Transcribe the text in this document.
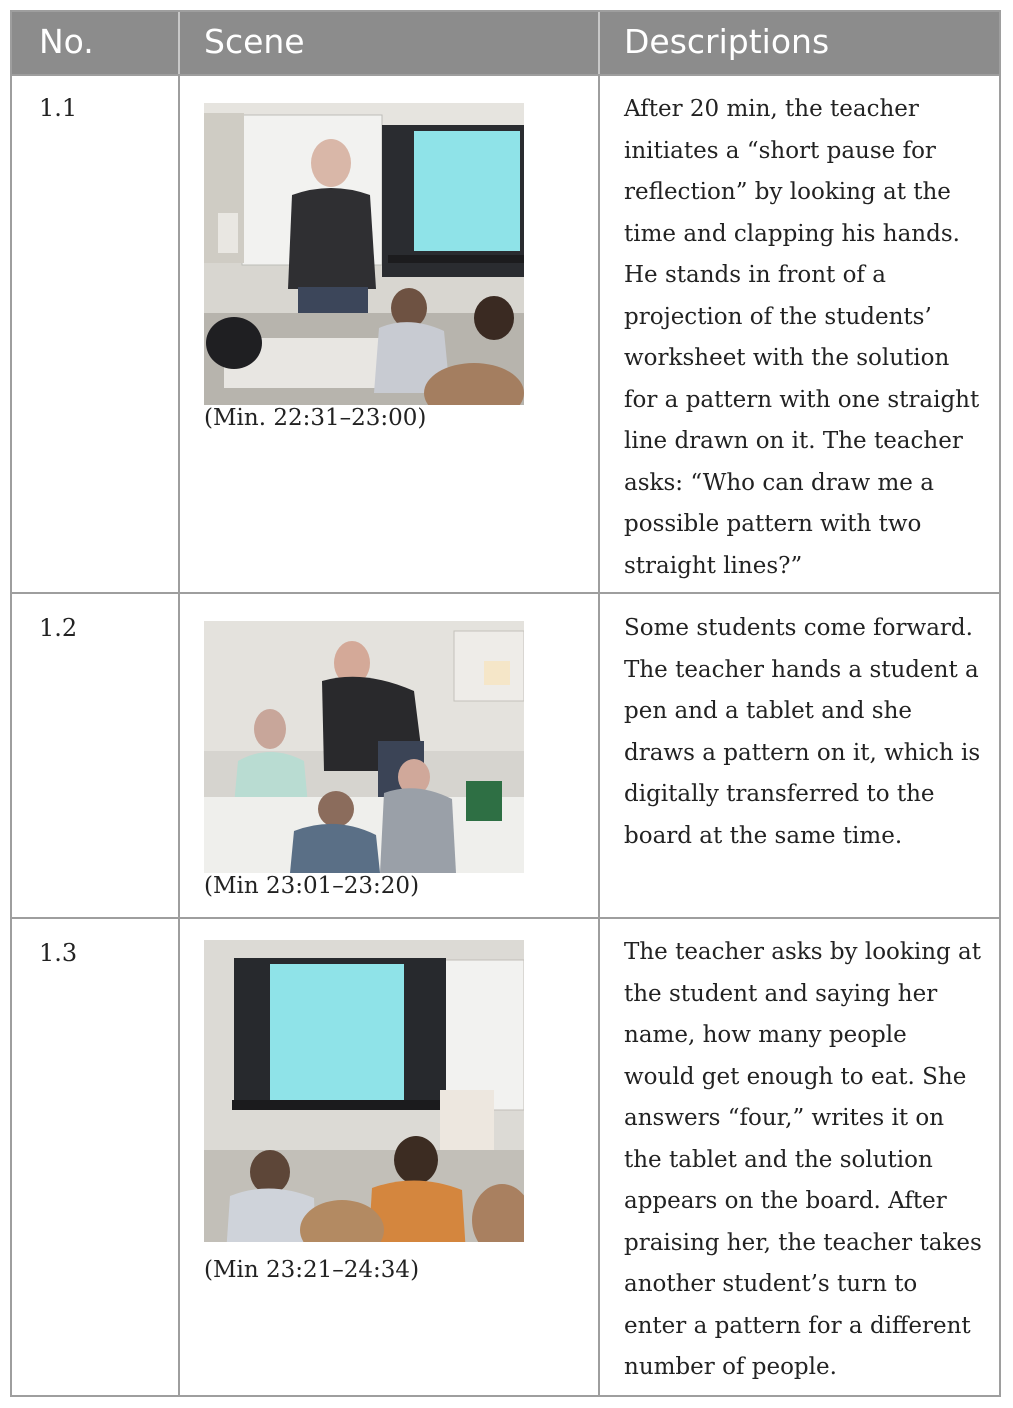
No.	Scene	Descriptions
1.1
(Min. 22:31–23:00)
After 20 min, the teacher initiates a “short pause for reflection” by looking at the time and clapping his hands. He stands in front of a projection of the students’ worksheet with the solution for a pattern with one straight line drawn on it. The teacher asks: “Who can draw me a possible pattern with two straight lines?”
1.2
(Min 23:01–23:20)
Some students come forward. The teacher hands a student a pen and a tablet and she draws a pattern on it, which is digitally transferred to the board at the same time.
1.3
(Min 23:21–24:34)
The teacher asks by looking at the student and saying her name, how many people would get enough to eat. She answers “four,” writes it on the tablet and the solution appears on the board. After praising her, the teacher takes another student’s turn to enter a pattern for a different number of people.
